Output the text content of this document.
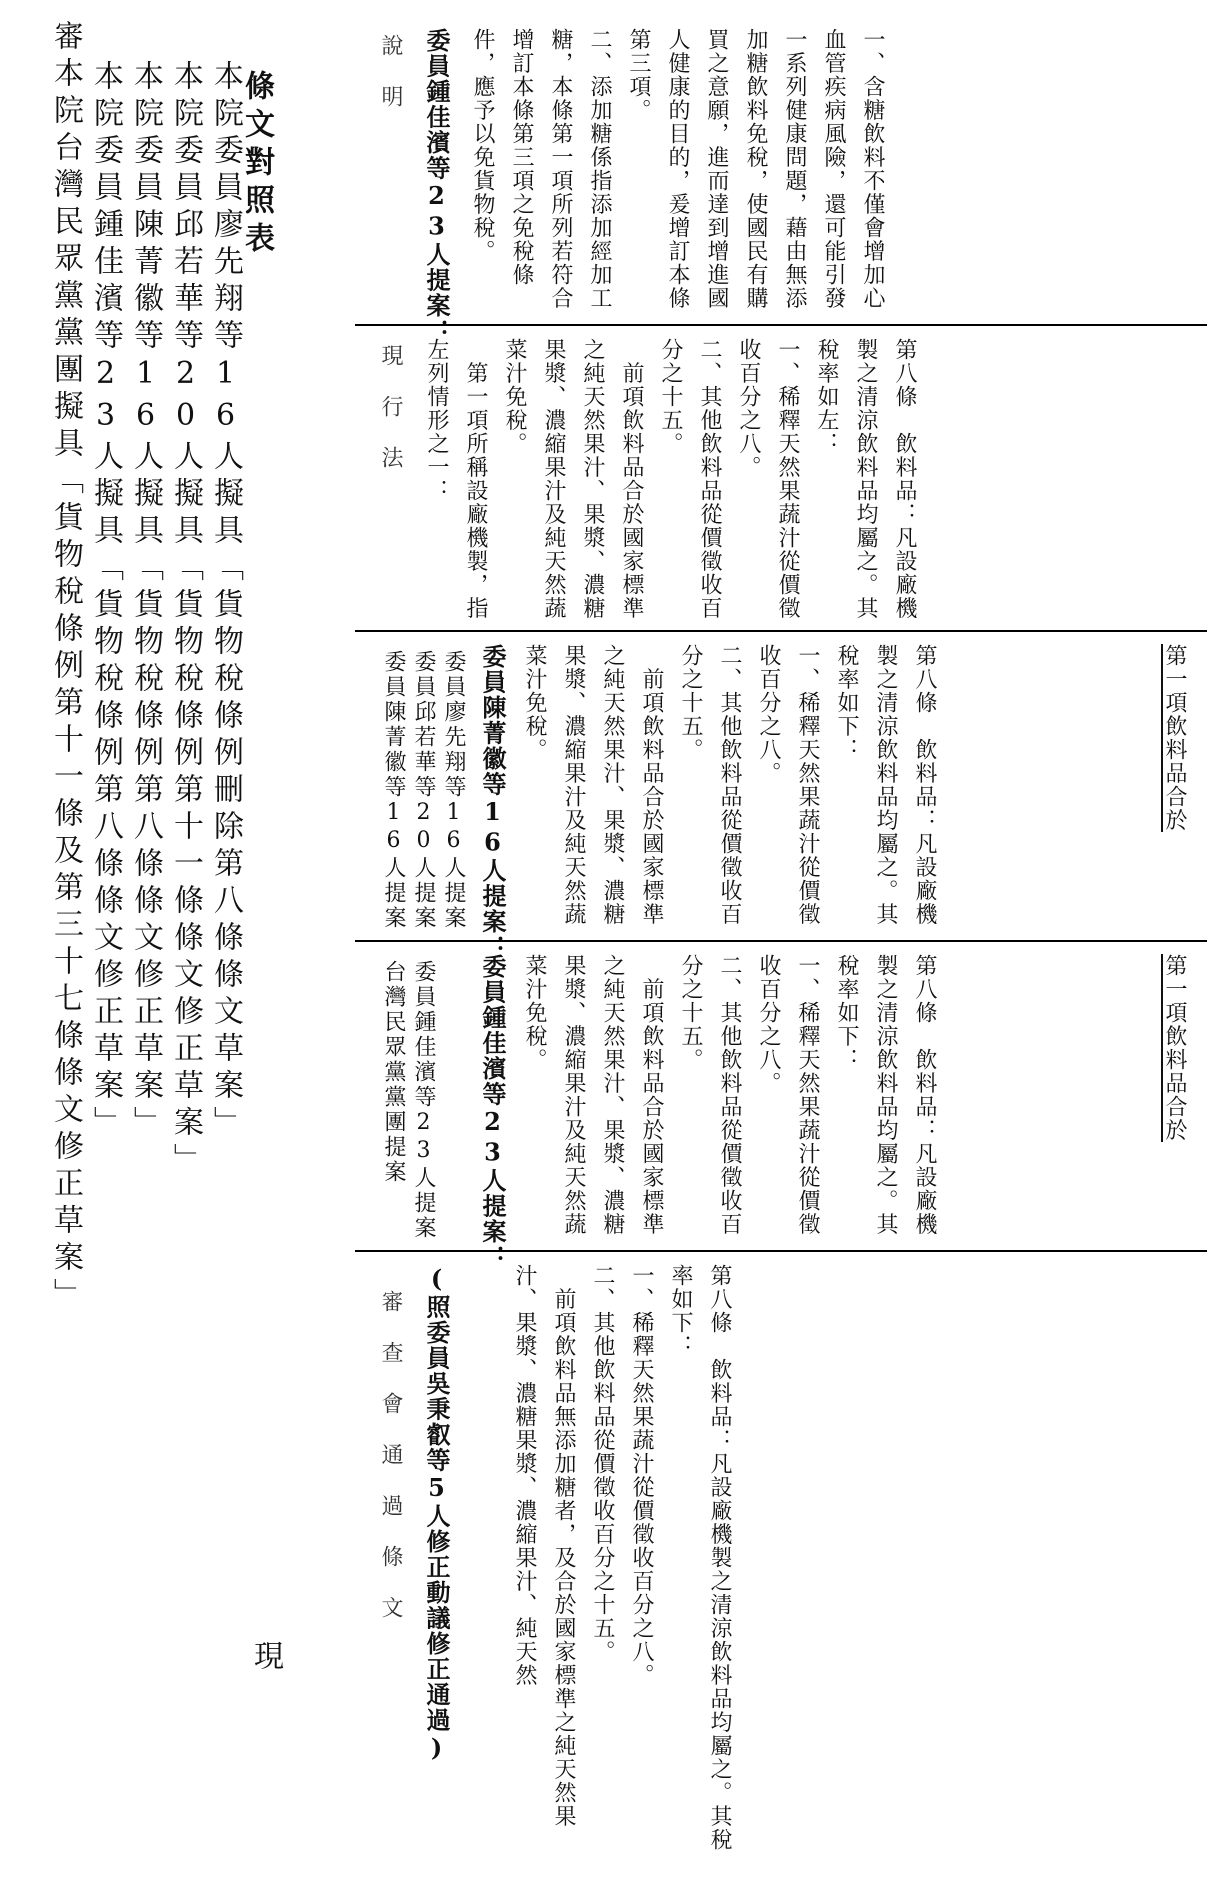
審本院台灣民眾黨黨團擬具「貨物稅條例第十一條及第三十七條條文修正草案」 本院委員鍾佳濱等23人擬具「貨物稅條例第八條條文修正草案」 本院委員陳菁徽等16人擬具「貨物稅條例第八條條文修正草案」 本院委員邱若華等20人擬具「貨物稅條例第十一條條文修正草案」 本院委員廖先翔等16人擬具「貨物稅條例刪除第八條條文草案」
現
條文對照表	說 明 委員鍾佳濱等23人提案：	一、含糖飲料不僅會增加心血管疾病風險，還可能引發一系列健康問題，藉由無添加糖飲料免稅，使國民有購買之意願，進而達到增進國人健康的目的，爰增訂本條第三項。
二、添加糖係指添加經加工糖，本條第一項所列若符合增訂本條第三項之免稅條件，應予以免貨物稅。
現 行 法	第八條　飲料品：凡設廠機製之清涼飲料品均屬之。其稅率如左：
一、稀釋天然果蔬汁從價徵收百分之八。
二、其他飲料品從價徵收百分之十五。
　前項飲料品合於國家標準之純天然果汁、果漿、濃糖果漿、濃縮果汁及純天然蔬菜汁免稅。
　第一項所稱設廠機製，指左列情形之一：
委員陳菁徽等16人提案 委員邱若華等20人提案 委員廖先翔等16人提案 委員陳菁徽等16人提案：	第八條　飲料品：凡設廠機製之清涼飲料品均屬之。其稅率如下：
一、稀釋天然果蔬汁從價徵收百分之八。
二、其他飲料品從價徵收百分之十五。
　前項飲料品合於國家標準之純天然果汁、果漿、濃糖果漿、濃縮果汁及純天然蔬菜汁免稅。	第一項飲料品合於
台灣民眾黨黨團提案 委員鍾佳濱等23人提案 委員鍾佳濱等23人提案：	第八條　飲料品：凡設廠機製之清涼飲料品均屬之。其稅率如下：
一、稀釋天然果蔬汁從價徵收百分之八。
二、其他飲料品從價徵收百分之十五。
　前項飲料品合於國家標準之純天然果汁、果漿、濃糖果漿、濃縮果汁及純天然蔬菜汁免稅。	第一項飲料品合於
審 查 會 通 過 條 文 (照委員吳秉叡等5人修正動議修正通過)	第八條　飲料品：凡設廠機製之清涼飲料品均屬之。其稅率如下：
一、稀釋天然果蔬汁從價徵收百分之八。
二、其他飲料品從價徵收百分之十五。
　前項飲料品無添加糖者，及合於國家標準之純天然果汁、果漿、濃糖果漿、濃縮果汁、純天然
